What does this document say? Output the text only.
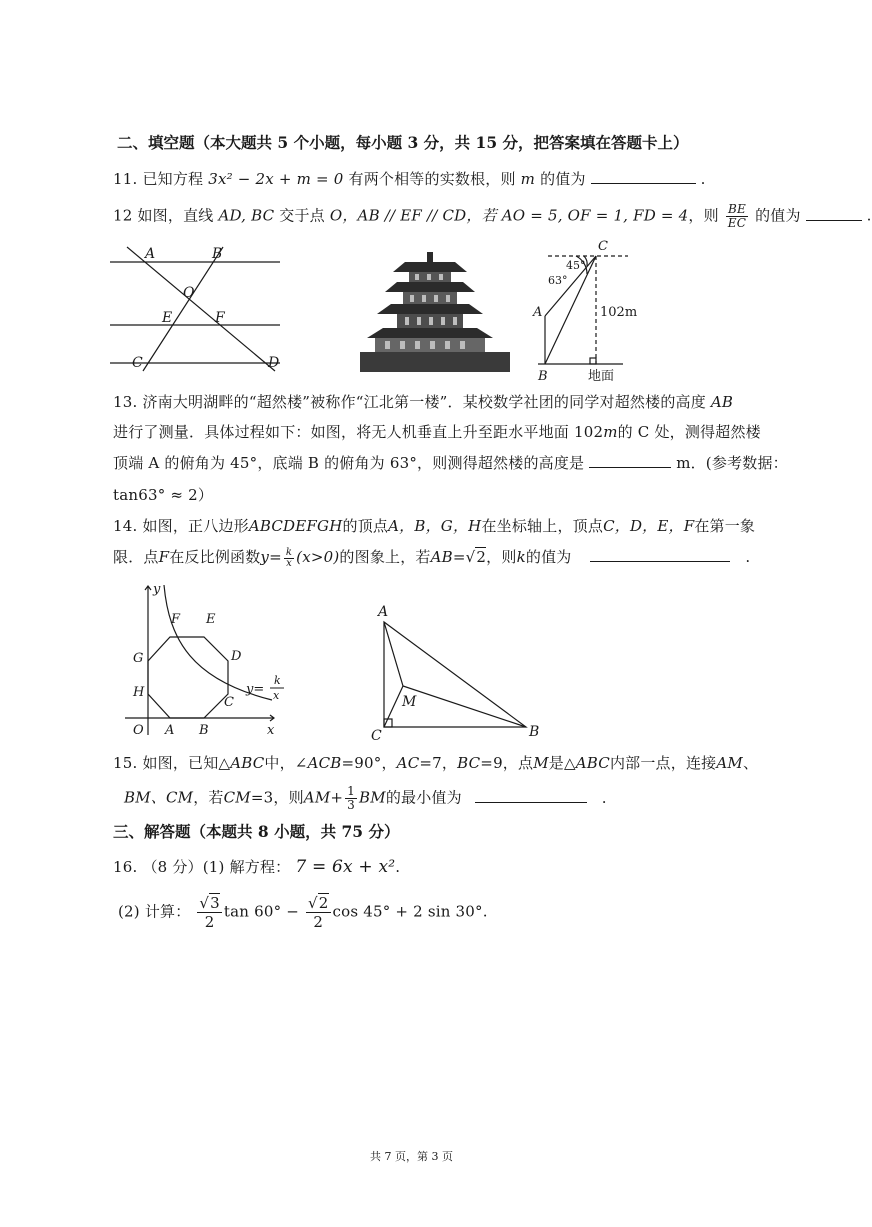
二、填空题（本大题共 5 个小题，每小题 3 分，共 15 分，把答案填在答题卡上）
11. 已知方程 3x² − 2x + m = 0 有两个相等的实数根，则 m 的值为	.
12 如图，直线 AD, BC 交于点 O，AB // EF // CD，若 AO = 5, OF = 1, FD = 4，则 $\frac{BE}{EC}$ 的值为	.
A	B
O
E	F
C	D
C
45°
63°
A
B
102m
地面
13. 济南大明湖畔的“超然楼”被称作“江北第一楼”．某校数学社团的同学对超然楼的高度 AB
进行了测量．具体过程如下：如图，将无人机垂直上升至距水平地面 102m的 C 处，测得超然楼
顶端 A 的俯角为 45°，底端 B 的俯角为 63°，则测得超然楼的高度是	m．(参考数据：
tan63° ≈ 2）
14. 如图，正八边形ABCDEFGH的顶点A，B，G，H在坐标轴上，顶点C，D，E，F在第一象
限．点F在反比例函数$y= \frac{k}{x} (x>0)$的图象上，若AB=√2，则k的值为	.
y
x
O A B
C
D
E
F
G
H	y=
k
x
A
M
C	B
15. 如图，已知△ABC中，∠ACB=90°，AC=7，BC=9，点M是△ABC内部一点，连接AM、
BM、CM，若CM=3，则$AM+ \frac{1}{3}$ BM的最小值为	.
三、解答题（本题共 8 小题，共 75 分）
16. （8 分）(1) 解方程： 7 = 6x + x².
(2) 计算： $\frac{√3}{2}$ $\tan 60^\circ - \frac{√2}{2}$ cos 45° + 2 sin 30°.
共 7 页，第 3 页
